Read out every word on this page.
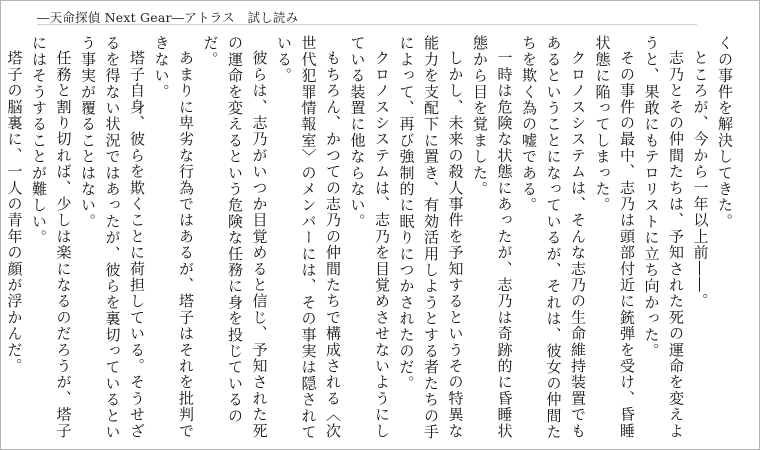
―天命探偵 Next Gear―アトラス　試し読み

くの事件を解決してきた。

ところが、今から一年以上前――。

志乃とその仲間たちは、予知された死の運命を変えようと、果敢にもテロリストに立ち向かった。

その事件の最中、志乃は頭部付近に銃弾を受け、昏睡状態に陥ってしまった。

クロノスシステムは、そんな志乃の生命維持装置でもあるということになっているが、それは、彼女の仲間たちを欺く為の嘘である。

一時は危険な状態にあったが、志乃は奇跡的に昏睡状態から目を覚ました。

しかし、未来の殺人事件を予知するというその特異な能力を支配下に置き、有効活用しようとする者たちの手によって、再び強制的に眠りにつかされたのだ。

クロノスシステムは、志乃を目覚めさせないようにしている装置に他ならない。

もちろん、かつての志乃の仲間たちで構成される〈次世代犯罪情報室〉のメンバーには、その事実は隠されている。

彼らは、志乃がいつか目覚めると信じ、予知された死の運命を変えるという危険な任務に身を投じているのだ。

あまりに卑劣な行為ではあるが、塔子はそれを批判できない。

塔子自身、彼らを欺くことに荷担している。そうせざるを得ない状況ではあったが、彼らを裏切っているという事実が覆ることはない。

任務と割り切れば、少しは楽になるのだろうが、塔子にはそうすることが難しい。

塔子の脳裏に、一人の青年の顔が浮かんだ。
